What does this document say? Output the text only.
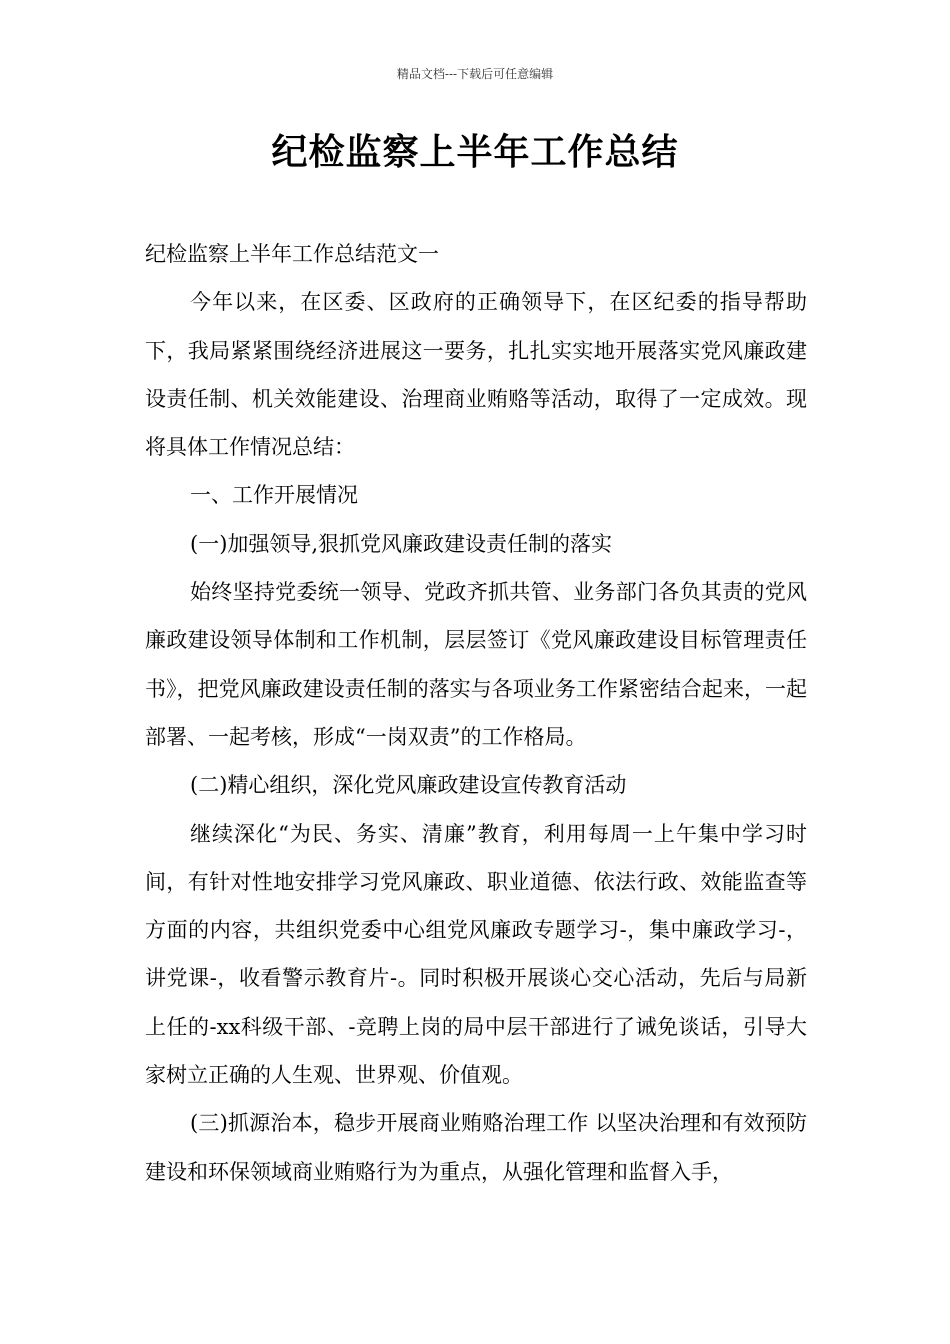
精品文档---下载后可任意编辑
纪检监察上半年工作总结

纪检监察上半年工作总结范文一

今年以来，在区委、区政府的正确领导下，在区纪委的指导帮助下，我局紧紧围绕经济进展这一要务，扎扎实实地开展落实党风廉政建设责任制、机关效能建设、治理商业贿赂等活动，取得了一定成效。现将具体工作情况总结：

一、工作开展情况

(一)加强领导,狠抓党风廉政建设责任制的落实

始终坚持党委统一领导、党政齐抓共管、业务部门各负其责的党风廉政建设领导体制和工作机制，层层签订《党风廉政建设目标管理责任书》，把党风廉政建设责任制的落实与各项业务工作紧密结合起来，一起部署、一起考核，形成“一岗双责”的工作格局。

(二)精心组织，深化党风廉政建设宣传教育活动

继续深化“为民、务实、清廉”教育，利用每周一上午集中学习时间，有针对性地安排学习党风廉政、职业道德、依法行政、效能监查等方面的内容，共组织党委中心组党风廉政专题学习-，集中廉政学习-，讲党课-，收看警示教育片-。同时积极开展谈心交心活动，先后与局新上任的-xx科级干部、-竞聘上岗的局中层干部进行了诫免谈话，引导大家树立正确的人生观、世界观、价值观。

(三)抓源治本，稳步开展商业贿赂治理工作 以坚决治理和有效预防建设和环保领域商业贿赂行为为重点，从强化管理和监督入手，
